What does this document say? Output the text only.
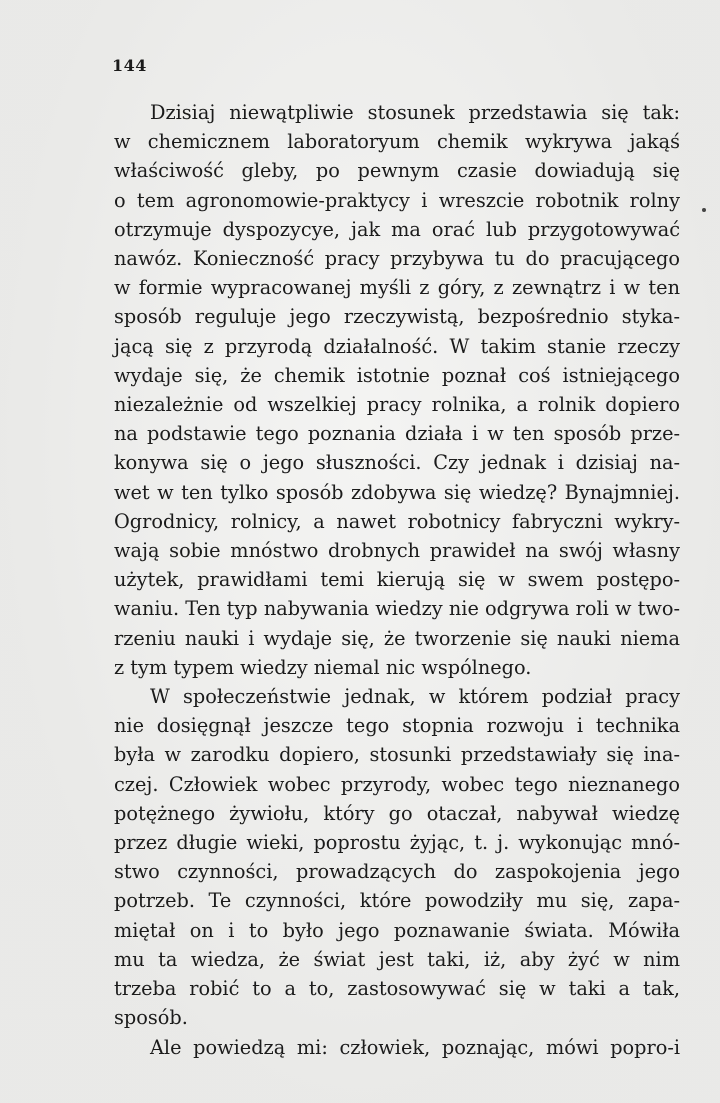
144

Dzisiaj niewątpliwie stosunek przedstawia się tak:
w chemicznem laboratoryum chemik wykrywa jakąś
właściwość gleby, po pewnym czasie dowiadują się
o tem agronomowie-praktycy i wreszcie robotnik rolny
otrzymuje dyspozycye, jak ma orać lub przygotowywać
nawóz. Konieczność pracy przybywa tu do pracującego
w formie wypracowanej myśli z góry, z zewnątrz i w ten
sposób reguluje jego rzeczywistą, bezpośrednio styka-
jącą się z przyrodą działalność. W takim stanie rzeczy
wydaje się, że chemik istotnie poznał coś istniejącego
niezależnie od wszelkiej pracy rolnika, a rolnik dopiero
na podstawie tego poznania działa i w ten sposób prze-
konywa się o jego słuszności. Czy jednak i dzisiaj na-
wet w ten tylko sposób zdobywa się wiedzę? Bynajmniej.
Ogrodnicy, rolnicy, a nawet robotnicy fabryczni wykry-
wają sobie mnóstwo drobnych prawideł na swój własny
użytek, prawidłami temi kierują się w swem postępo-
waniu. Ten typ nabywania wiedzy nie odgrywa roli w two-
rzeniu nauki i wydaje się, że tworzenie się nauki niema
z tym typem wiedzy niemal nic wspólnego.

W społeczeństwie jednak, w którem podział pracy
nie dosięgnął jeszcze tego stopnia rozwoju i technika
była w zarodku dopiero, stosunki przedstawiały się ina-
czej. Człowiek wobec przyrody, wobec tego nieznanego
potężnego żywiołu, który go otaczał, nabywał wiedzę
przez długie wieki, poprostu żyjąc, t. j. wykonując mnó-
stwo czynności, prowadzących do zaspokojenia jego
potrzeb. Te czynności, które powodziły mu się, zapa-
miętał on i to było jego poznawanie świata. Mówiła
mu ta wiedza, że świat jest taki, iż, aby żyć w nim
trzeba robić to a to, zastosowywać się w taki a tak,
sposób.

Ale powiedzą mi: człowiek, poznając, mówi popro-i
